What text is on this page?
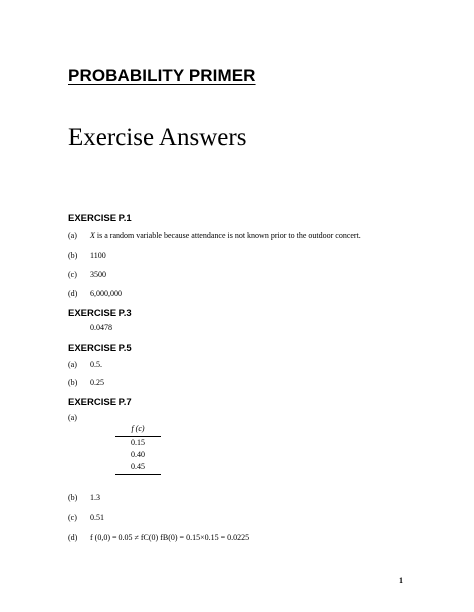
PROBABILITY PRIMER
Exercise Answers
EXERCISE P.1
(a) X is a random variable because attendance is not known prior to the outdoor concert.
(b) 1100
(c) 3500
(d) 6,000,000
EXERCISE P.3
0.0478
EXERCISE P.5
(a) 0.5.
(b) 0.25
EXERCISE P.7
(a)
f (c)
0.15
0.40
0.45
(b) 1.3
(c) 0.51
(d) f (0,0) = 0.05 ≠ fC(0) fB(0) = 0.15×0.15 = 0.0225
1
